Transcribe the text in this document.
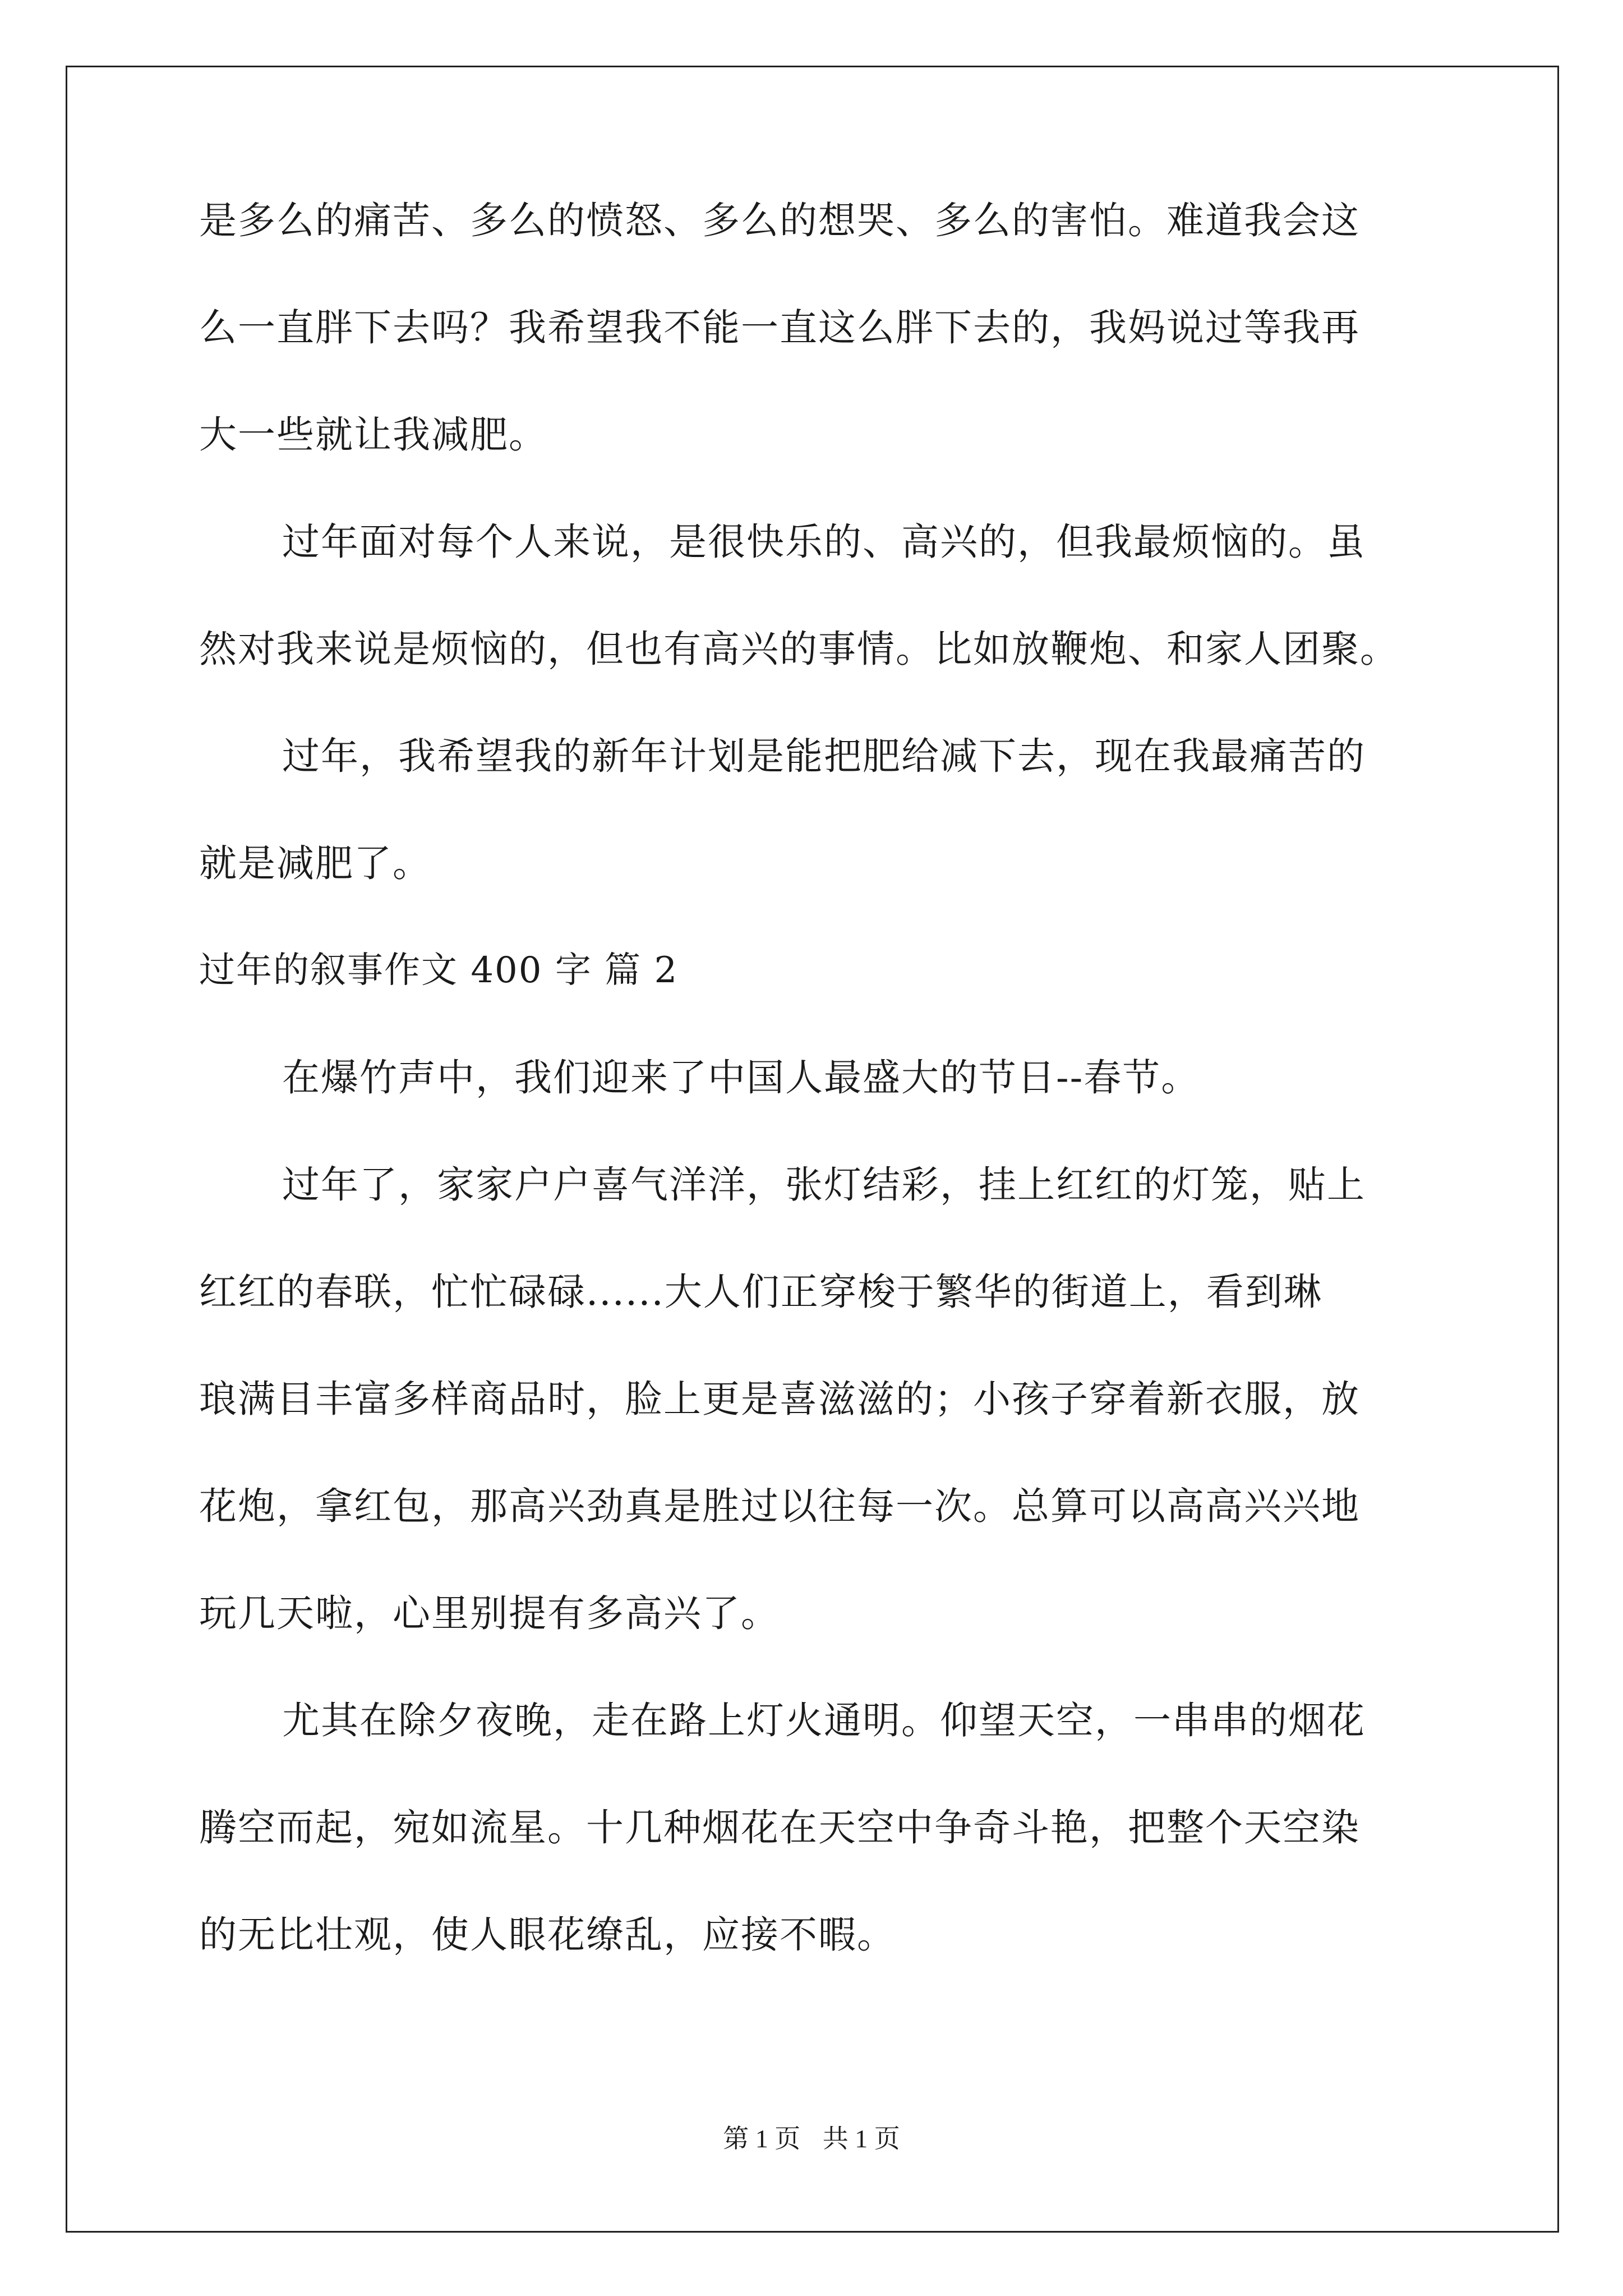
是多么的痛苦、多么的愤怒、多么的想哭、多么的害怕。难道我会这
么一直胖下去吗？我希望我不能一直这么胖下去的，我妈说过等我再
大一些就让我减肥。
过年面对每个人来说，是很快乐的、高兴的，但我最烦恼的。虽
然对我来说是烦恼的，但也有高兴的事情。比如放鞭炮、和家人团聚。
过年，我希望我的新年计划是能把肥给减下去，现在我最痛苦的
就是减肥了。
过年的叙事作文 400 字 篇 2
在爆竹声中，我们迎来了中国人最盛大的节日--春节。
过年了，家家户户喜气洋洋，张灯结彩，挂上红红的灯笼，贴上
红红的春联，忙忙碌碌......大人们正穿梭于繁华的街道上，看到琳
琅满目丰富多样商品时，脸上更是喜滋滋的；小孩子穿着新衣服，放
花炮，拿红包，那高兴劲真是胜过以往每一次。总算可以高高兴兴地
玩几天啦，心里别提有多高兴了。
尤其在除夕夜晚，走在路上灯火通明。仰望天空，一串串的烟花
腾空而起，宛如流星。十几种烟花在天空中争奇斗艳，把整个天空染
的无比壮观，使人眼花缭乱，应接不暇。
第 1 页 共 1 页
